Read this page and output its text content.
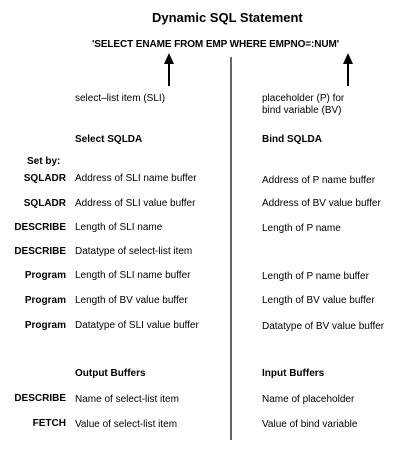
Dynamic SQL Statement
'SELECT ENAME FROM EMP WHERE EMPNO=:NUM'
select–list item (SLI)	placeholder (P) for
bind variable (BV)
Select SQLDA	Bind SQLDA
Set by:
SQLADR Address of SLI name buffer	Address of P name buffer
SQLADR Address of SLI value buffer	Address of BV value buffer
DESCRIBE Length of SLI name	Length of P name
DESCRIBE Datatype of select-list item
Program Length of SLI name buffer	Length of P name buffer
Program Length of BV value buffer	Length of BV value buffer
Program Datatype of SLI value buffer	Datatype of BV value buffer
Output Buffers	Input Buffers
DESCRIBE Name of select-list item	Name of placeholder
FETCH Value of select-list item	Value of bind variable
